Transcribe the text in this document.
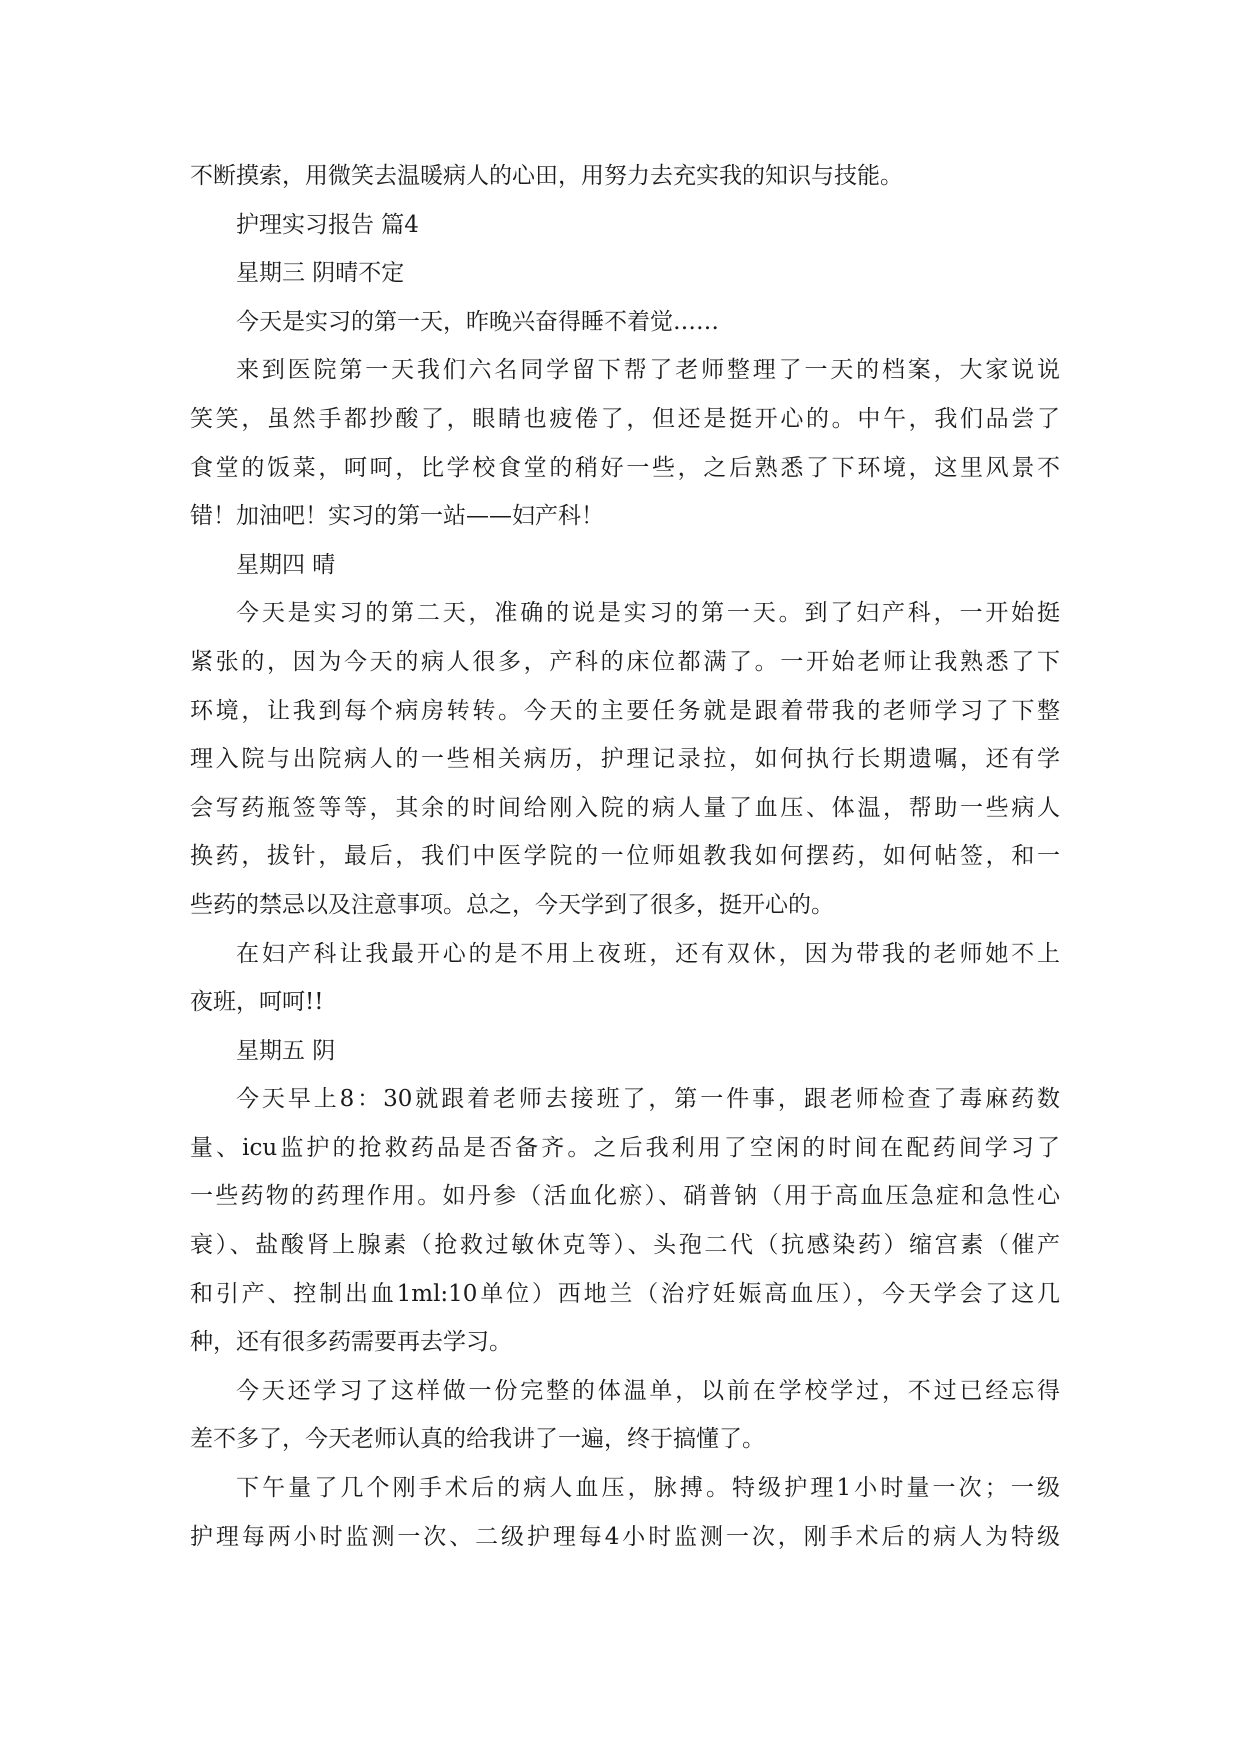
不断摸索，用微笑去温暖病人的心田，用努力去充实我的知识与技能。
护理实习报告 篇4
星期三 阴晴不定
今天是实习的第一天，昨晚兴奋得睡不着觉……
来到医院第一天我们六名同学留下帮了老师整理了一天的档案，大家说说
笑笑，虽然手都抄酸了，眼睛也疲倦了，但还是挺开心的。中午，我们品尝了
食堂的饭菜，呵呵，比学校食堂的稍好一些，之后熟悉了下环境，这里风景不
错！加油吧！实习的第一站——妇产科！
星期四 晴
今天是实习的第二天，准确的说是实习的第一天。到了妇产科，一开始挺
紧张的，因为今天的病人很多，产科的床位都满了。一开始老师让我熟悉了下
环境，让我到每个病房转转。今天的主要任务就是跟着带我的老师学习了下整
理入院与出院病人的一些相关病历，护理记录拉，如何执行长期遗嘱，还有学
会写药瓶签等等，其余的时间给刚入院的病人量了血压、体温，帮助一些病人
换药，拔针，最后，我们中医学院的一位师姐教我如何摆药，如何帖签，和一
些药的禁忌以及注意事项。总之，今天学到了很多，挺开心的。
在妇产科让我最开心的是不用上夜班，还有双休，因为带我的老师她不上
夜班，呵呵!!
星期五 阴
今天早上8：30就跟着老师去接班了，第一件事，跟老师检查了毒麻药数
量、icu监护的抢救药品是否备齐。之后我利用了空闲的时间在配药间学习了
一些药物的药理作用。如丹参（活血化瘀）、硝普钠（用于高血压急症和急性心
衰）、盐酸肾上腺素（抢救过敏休克等）、头孢二代（抗感染药）缩宫素（催产
和引产、控制出血1ml:10单位）西地兰（治疗妊娠高血压），今天学会了这几
种，还有很多药需要再去学习。
今天还学习了这样做一份完整的体温单，以前在学校学过，不过已经忘得
差不多了，今天老师认真的给我讲了一遍，终于搞懂了。
下午量了几个刚手术后的病人血压，脉搏。特级护理1小时量一次；一级
护理每两小时监测一次、二级护理每4小时监测一次，刚手术后的病人为特级
